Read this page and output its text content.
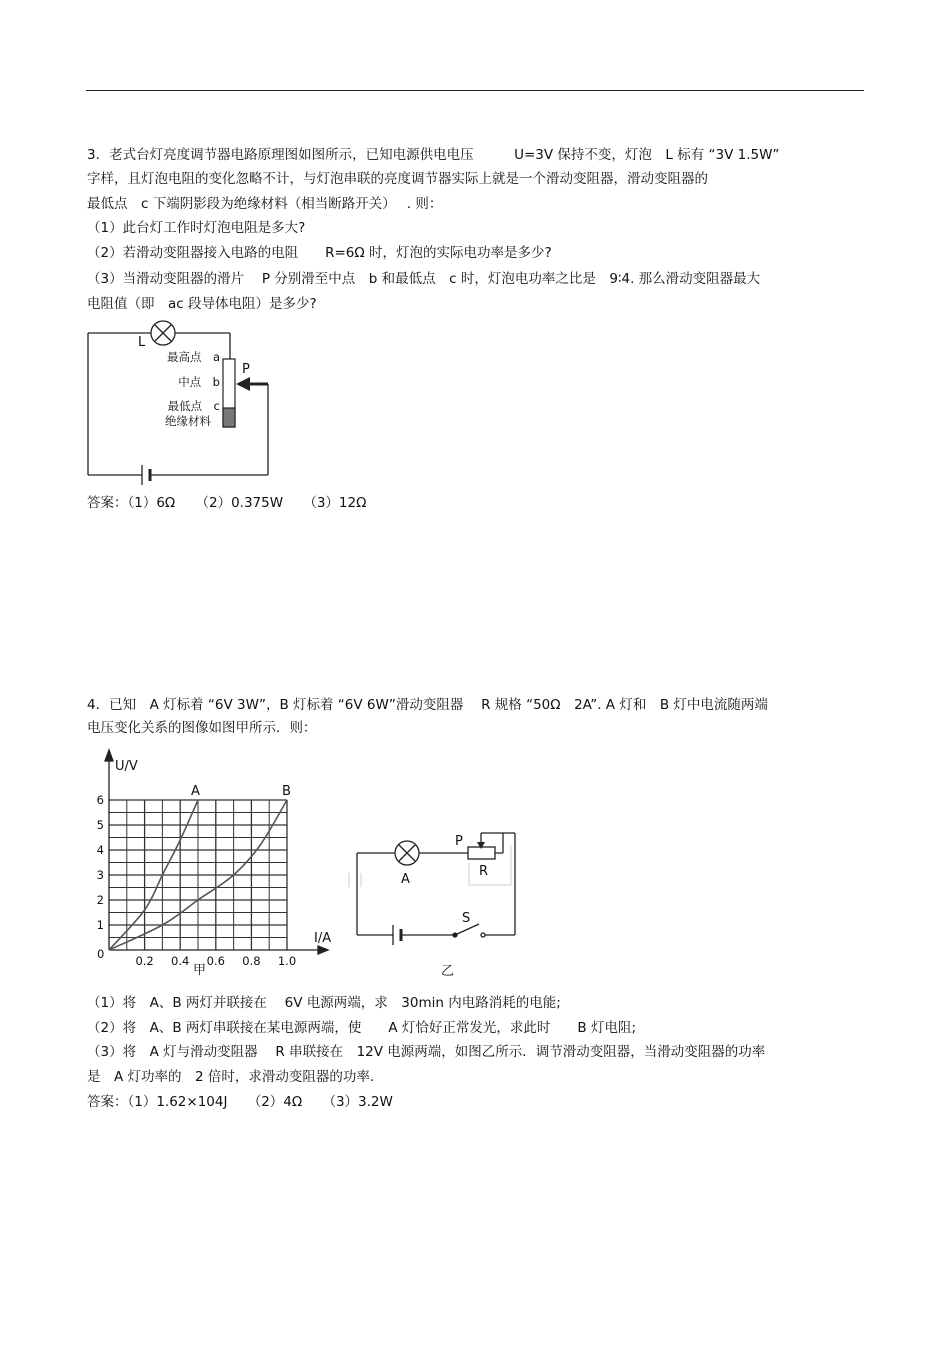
3．老式台灯亮度调节器电路原理图如图所示，已知电源供电电压　　　U=3V 保持不变，灯泡　L 标有 “3V 1.5W”
字样，且灯泡电阻的变化忽略不计，与灯泡串联的亮度调节器实际上就是一个滑动变阻器，滑动变阻器的
最低点　c 下端阴影段为绝缘材料（相当断路开关）　 . 则：
（1）此台灯工作时灯泡电阻是多大?
（2）若滑动变阻器接入电路的电阻　　R=6Ω 时，灯泡的实际电功率是多少?
（3）当滑动变阻器的滑片　 P 分别滑至中点　b 和最低点　c 时，灯泡电功率之比是　9∶4. 那么滑动变阻器最大
电阻值（即　ac 段导体电阻）是多少?
L
P
最高点　a
中点　b
最低点　c
绝缘材料
答案：（1）6Ω　　（2）0.375W　　（3）12Ω
4．已知　A 灯标着 “6V 3W”，B 灯标着 “6V 6W”滑动变阻器　 R 规格 “50Ω　2A”. A 灯和　B 灯中电流随两端
电压变化关系的图像如图甲所示．则：
1
2
3
4
5
6
0.2 0.4 0.6 0.8 1.0
U/V
I/A
0
A	B
甲
P
R
A
S
乙
（1）将　A、B 两灯并联接在　 6V 电源两端，求　30min 内电路消耗的电能;
（2）将　A、B 两灯串联接在某电源两端，使　　A 灯恰好正常发光，求此时　　B 灯电阻;
（3）将　A 灯与滑动变阻器　 R 串联接在　12V 电源两端，如图乙所示．调节滑动变阻器，当滑动变阻器的功率
是　A 灯功率的　2 倍时，求滑动变阻器的功率.
答案：（1）1.62×104J　　（2）4Ω　　（3）3.2W
